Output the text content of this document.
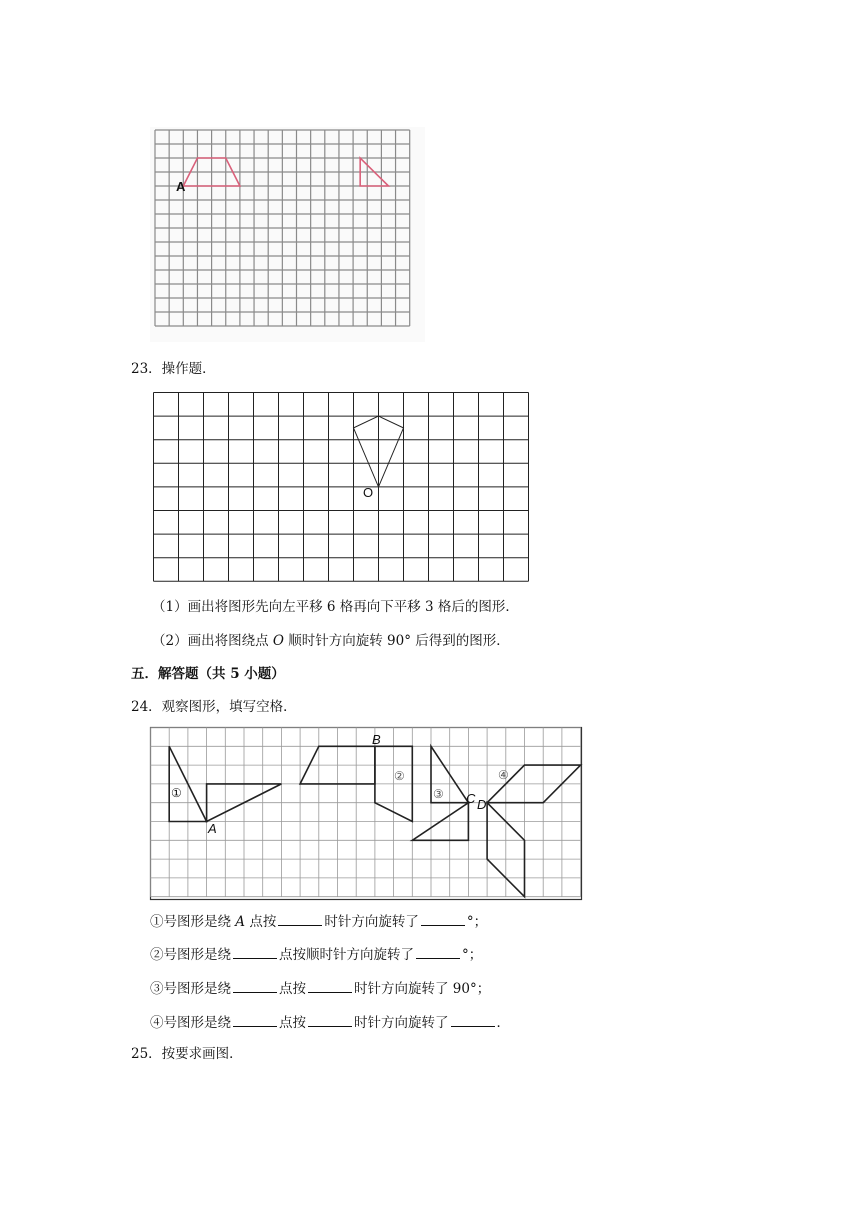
A
23．操作题．
O
（1）画出将图形先向左平移 6 格再向下平移 3 格后的图形．
（2）画出将图绕点 O 顺时针方向旋转 90° 后得到的图形．
五．解答题（共 5 小题）
24．观察图形，填写空格．
A
B
C D
①
②
③
④
①号图形是绕 A 点按	时针方向旋转了	°；
②号图形是绕	点按顺时针方向旋转了	°；
③号图形是绕	点按	时针方向旋转了 90°；
④号图形是绕	点按	时针方向旋转了	．
25．按要求画图．
